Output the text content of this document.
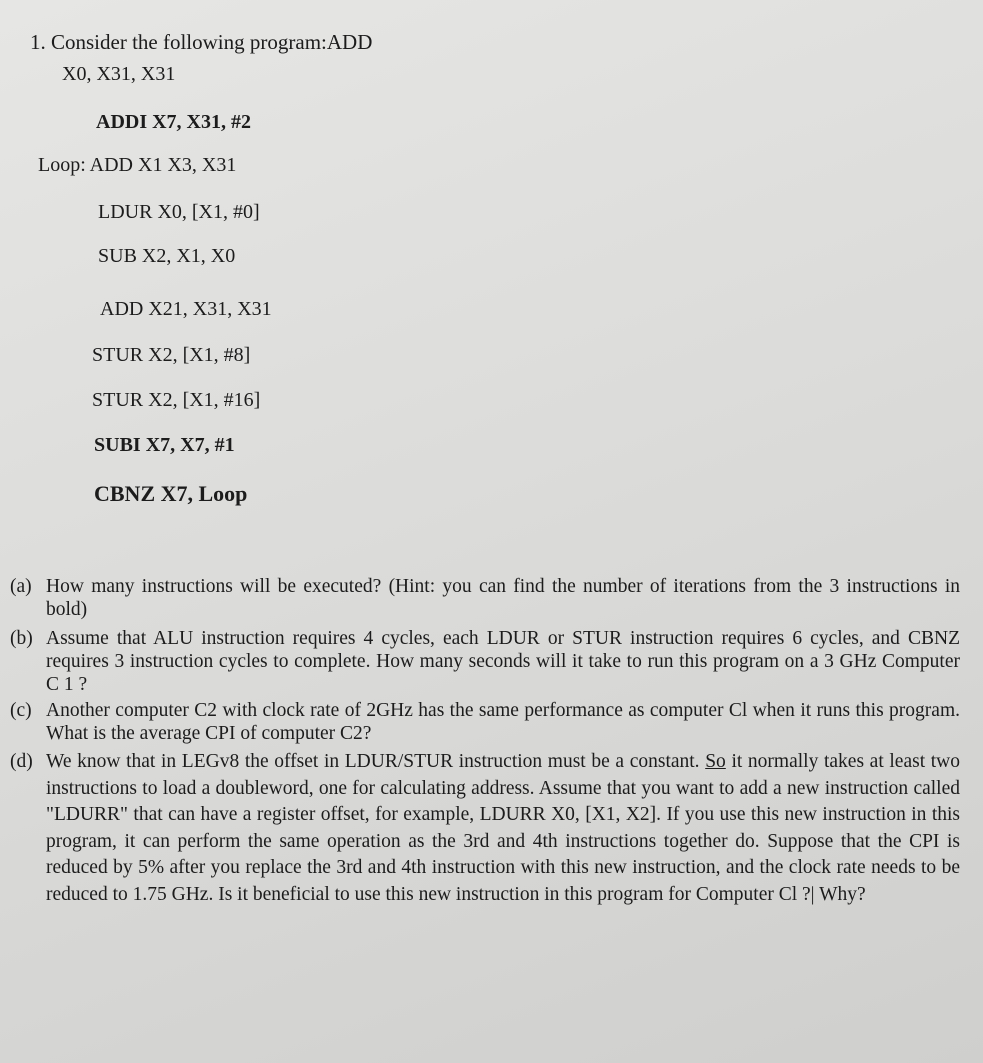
1. Consider the following program:ADD
X0, X31, X31
ADDI X7, X31, #2
Loop: ADD X1 X3, X31
LDUR X0, [X1, #0]
SUB X2, X1, X0
ADD X21, X31, X31
STUR X2, [X1, #8]
STUR X2, [X1, #16]
SUBI X7, X7, #1
CBNZ X7, Loop
(a) How many instructions will be executed? (Hint: you can find the number of iterations from the 3 instructions in bold)
(b) Assume that ALU instruction requires 4 cycles, each LDUR or STUR instruction requires 6 cycles, and CBNZ requires 3 instruction cycles to complete. How many seconds will it take to run this program on a 3 GHz Computer C 1 ?
(c) Another computer C2 with clock rate of 2GHz has the same performance as computer Cl when it runs this program. What is the average CPI of computer C2?
(d) We know that in LEGv8 the offset in LDUR/STUR instruction must be a constant. So it normally takes at least two instructions to load a doubleword, one for calculating address. Assume that you want to add a new instruction called "LDURR" that can have a register offset, for example, LDURR X0, [X1, X2]. If you use this new instruction in this program, it can perform the same operation as the 3rd and 4th instructions together do. Suppose that the CPI is reduced by 5% after you replace the 3rd and 4th instruction with this new instruction, and the clock rate needs to be reduced to 1.75 GHz. Is it beneficial to use this new instruction in this program for Computer Cl ?| Why?
